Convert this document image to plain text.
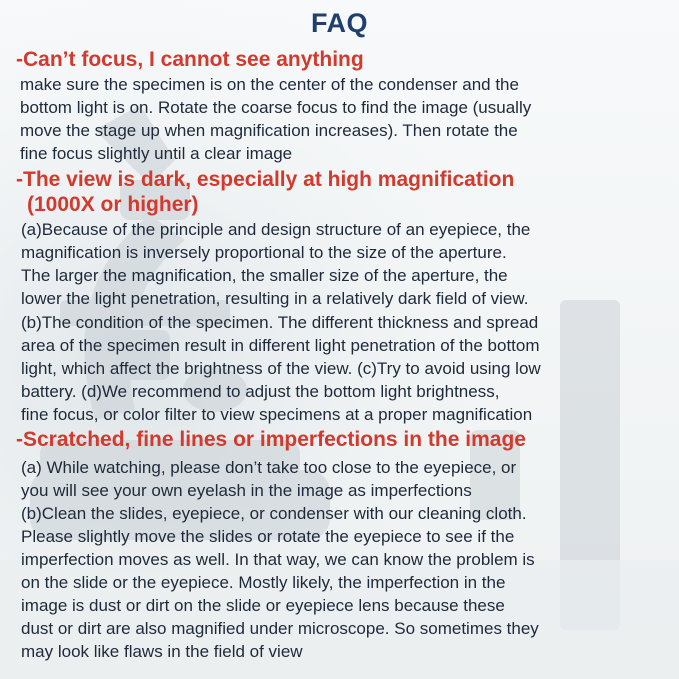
FAQ
-Can’t focus, I cannot see anything
make sure the specimen is on the center of the condenser and the
bottom light is on. Rotate the coarse focus to find the image (usually
move the stage up when magnification increases). Then rotate the
fine focus slightly until a clear image
-The view is dark, especially at high magnification
(1000X or higher)
(a)Because of the principle and design structure of an eyepiece, the
magnification is inversely proportional to the size of the aperture.
The larger the magnification, the smaller size of the aperture, the
lower the light penetration, resulting in a relatively dark field of view.
(b)The condition of the specimen. The different thickness and spread
area of the specimen result in different light penetration of the bottom
light, which affect the brightness of the view. (c)Try to avoid using low
battery. (d)We recommend to adjust the bottom light brightness,
fine focus, or color filter to view specimens at a proper magnification
-Scratched, fine lines or imperfections in the image
(a) While watching, please don’t take too close to the eyepiece, or
you will see your own eyelash in the image as imperfections
(b)Clean the slides, eyepiece, or condenser with our cleaning cloth.
Please slightly move the slides or rotate the eyepiece to see if the
imperfection moves as well. In that way, we can know the problem is
on the slide or the eyepiece. Mostly likely, the imperfection in the
image is dust or dirt on the slide or eyepiece lens because these
dust or dirt are also magnified under microscope. So sometimes they
may look like flaws in the field of view
